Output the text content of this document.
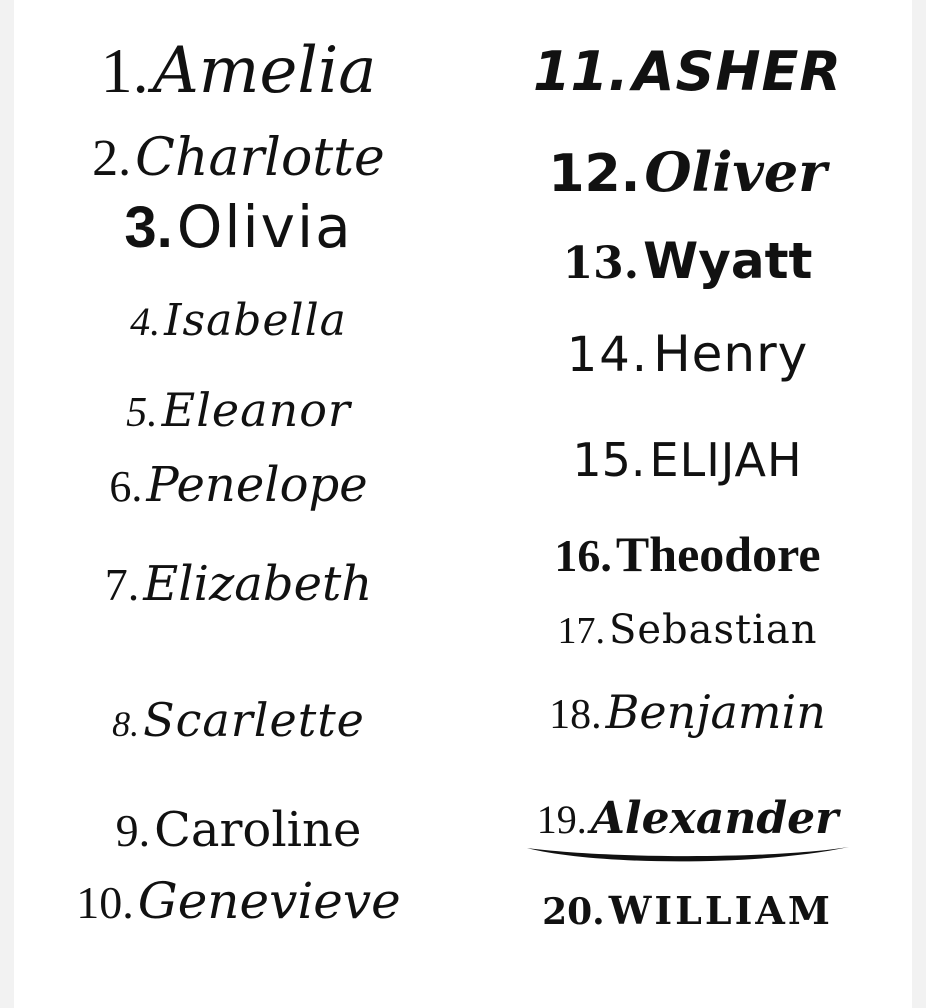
1. Amelia
2. Charlotte
3. Olivia
4. Isabella
5. Eleanor
6. Penelope
7. Elizabeth
8. Scarlette
9. Caroline
10. Genevieve
11. ASHER
12. Oliver
13. Wyatt
14. Henry
15. ELIJAH
16. Theodore
17. Sebastian
18. Benjamin
19. Alexander
20. WILLIAM
